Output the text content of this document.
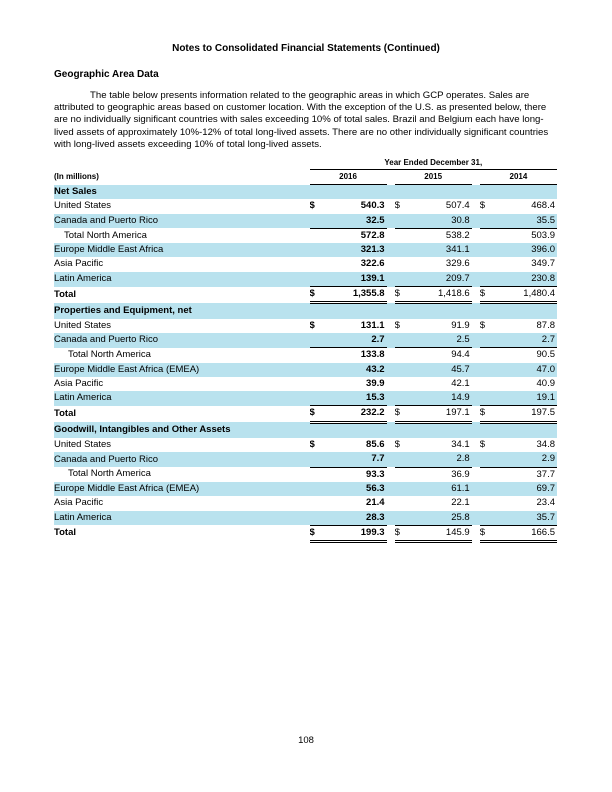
Notes to Consolidated Financial Statements (Continued)
Geographic Area Data

The table below presents information related to the geographic areas in which GCP operates. Sales are attributed to geographic areas based on customer location. With the exception of the U.S. as presented below, there are no individually significant countries with sales exceeding 10% of total sales. Brazil and Belgium each have long-lived assets of approximately 10%-12% of total long-lived assets. There are no other individually significant countries with long-lived assets exceeding 10% of total long-lived assets.

	Year Ended December 31,							
(In millions)	2016			2015			2014	
Net Sales								
United States	$	540.3		$	507.4		$	468.4
Canada and Puerto Rico		32.5			30.8			35.5
Total North America		572.8			538.2			503.9
Europe Middle East Africa		321.3			341.1			396.0
Asia Pacific		322.6			329.6			349.7
Latin America		139.1			209.7			230.8
Total	$	1,355.8		$	1,418.6		$	1,480.4
Properties and Equipment, net								
United States	$	131.1		$	91.9		$	87.8
Canada and Puerto Rico		2.7			2.5			2.7
Total North America		133.8			94.4			90.5
Europe Middle East Africa (EMEA)		43.2			45.7			47.0
Asia Pacific		39.9			42.1			40.9
Latin America		15.3			14.9			19.1
Total	$	232.2		$	197.1		$	197.5
Goodwill, Intangibles and Other Assets								
United States	$	85.6		$	34.1		$	34.8
Canada and Puerto Rico		7.7			2.8			2.9
Total North America		93.3			36.9			37.7
Europe Middle East Africa (EMEA)		56.3			61.1			69.7
Asia Pacific		21.4			22.1			23.4
Latin America		28.3			25.8			35.7
Total	$	199.3		$	145.9		$	166.5
108
